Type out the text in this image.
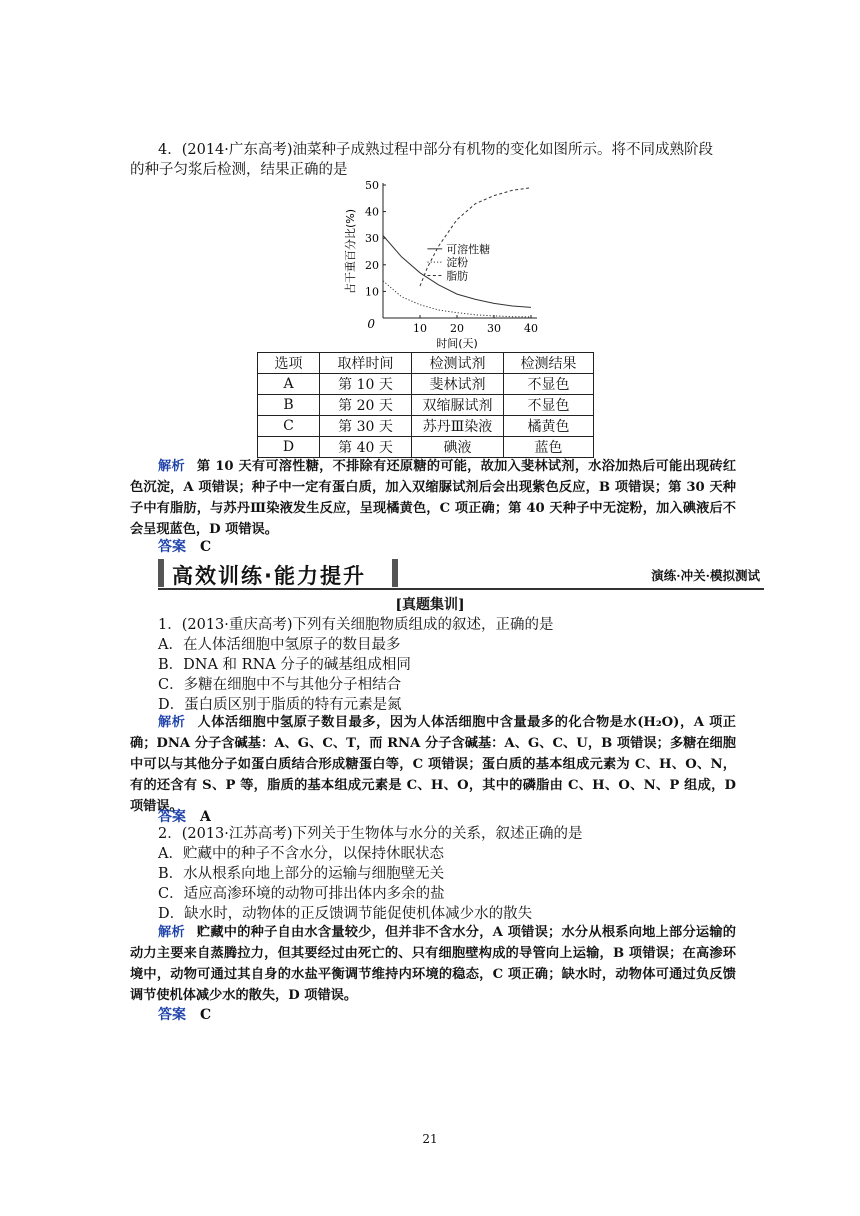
4．(2014·广东高考)油菜种子成熟过程中部分有机物的变化如图所示。将不同成熟阶段
的种子匀浆后检测，结果正确的是
10
20
30
40
50
10 20 30 40
0
时间(天)
占干重百分比(%)	可溶性糖
淀粉
脂肪
选项	取样时间	检测试剂	检测结果
A	第 10 天	斐林试剂	不显色
B	第 20 天	双缩脲试剂	不显色
C	第 30 天	苏丹Ⅲ染液	橘黄色
D	第 40 天	碘液	蓝色
解析 第 10 天有可溶性糖，不排除有还原糖的可能，故加入斐林试剂，水浴加热后可能出现砖红色沉淀，A 项错误；种子中一定有蛋白质，加入双缩脲试剂后会出现紫色反应，B 项错误；第 30 天种子中有脂肪，与苏丹Ⅲ染液发生反应，呈现橘黄色，C 项正确；第 40 天种子中无淀粉，加入碘液后不会呈现蓝色，D 项错误。
答案 C
高效训练·能力提升	演练·冲关·模拟测试
[真题集训]
1．(2013·重庆高考)下列有关细胞物质组成的叙述，正确的是
A．在人体活细胞中氢原子的数目最多
B．DNA 和 RNA 分子的碱基组成相同
C．多糖在细胞中不与其他分子相结合
D．蛋白质区别于脂质的特有元素是氮
解析 人体活细胞中氢原子数目最多，因为人体活细胞中含量最多的化合物是水(H₂O)，A 项正确；DNA 分子含碱基：A、G、C、T，而 RNA 分子含碱基：A、G、C、U，B 项错误；多糖在细胞中可以与其他分子如蛋白质结合形成糖蛋白等，C 项错误；蛋白质的基本组成元素为 C、H、O、N，有的还含有 S、P 等，脂质的基本组成元素是 C、H、O，其中的磷脂由 C、H、O、N、P 组成，D 项错误。
答案 A
2．(2013·江苏高考)下列关于生物体与水分的关系，叙述正确的是
A．贮藏中的种子不含水分，以保持休眠状态
B．水从根系向地上部分的运输与细胞壁无关
C．适应高渗环境的动物可排出体内多余的盐
D．缺水时，动物体的正反馈调节能促使机体减少水的散失
解析 贮藏中的种子自由水含量较少，但并非不含水分，A 项错误；水分从根系向地上部分运输的动力主要来自蒸腾拉力，但其要经过由死亡的、只有细胞壁构成的导管向上运输，B 项错误；在高渗环境中，动物可通过其自身的水盐平衡调节维持内环境的稳态，C 项正确；缺水时，动物体可通过负反馈调节使机体减少水的散失，D 项错误。
答案 C
21
